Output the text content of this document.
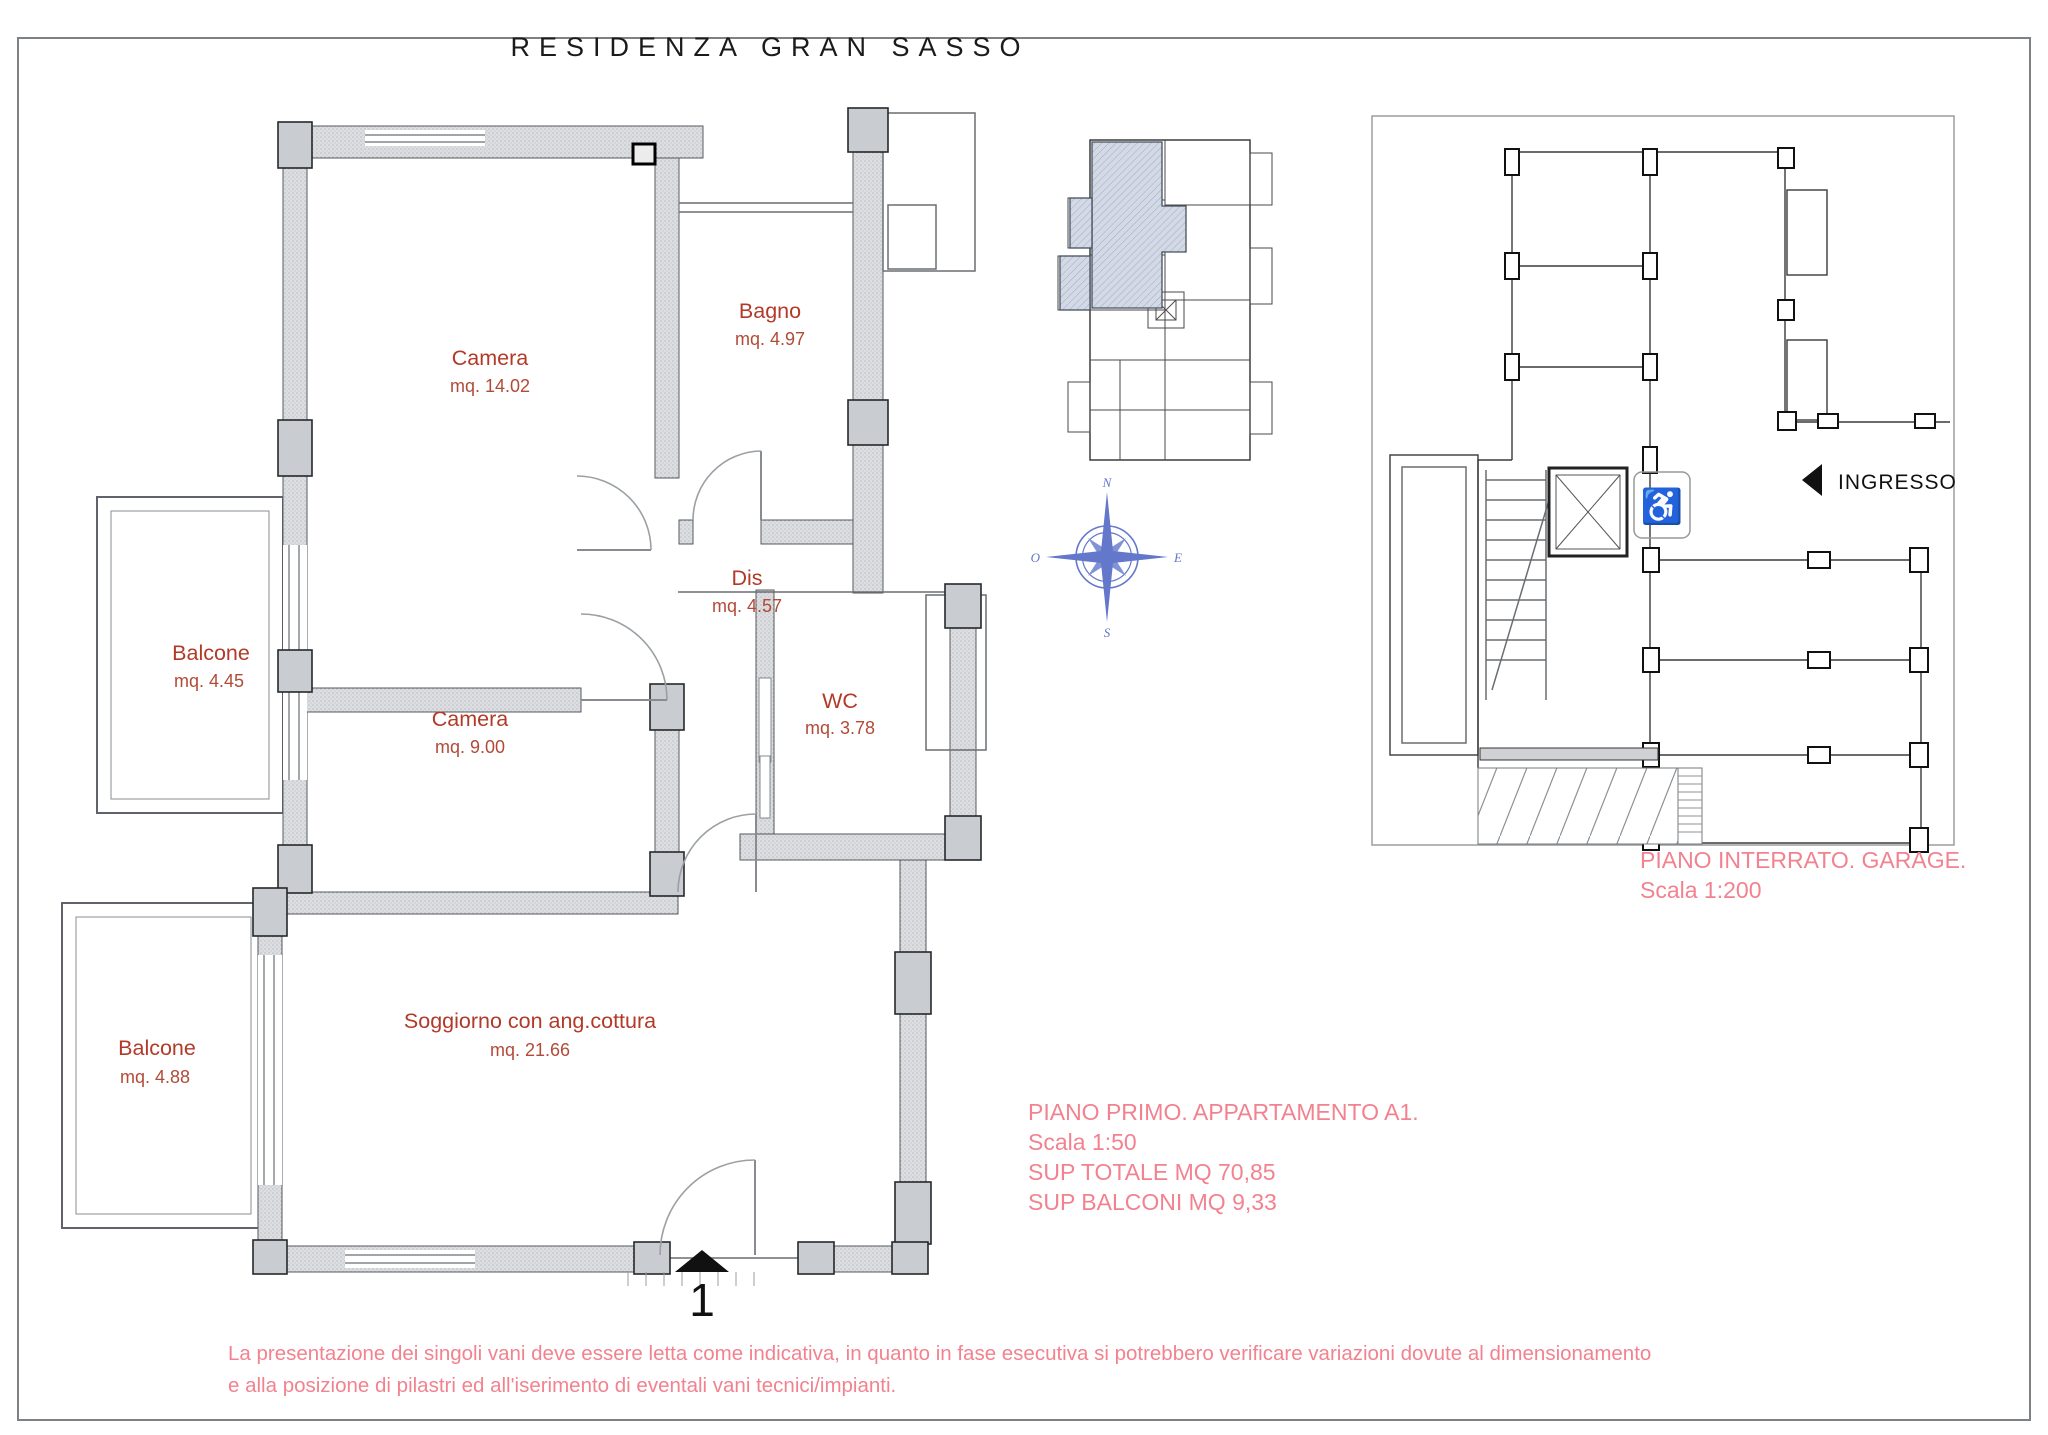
RESIDENZA GRAN SASSO
Camera
mq. 14.02
Bagno
mq. 4.97
Dis
mq. 4.57
Camera
mq. 9.00
WC
mq. 3.78
Balcone
mq. 4.45
Balcone
mq. 4.88
Soggiorno con ang.cottura
mq. 21.66
1
N
S
O	E
♿
INGRESSO
PIANO INTERRATO. GARAGE.
Scala 1:200
PIANO PRIMO. APPARTAMENTO A1.
Scala 1:50
SUP TOTALE MQ 70,85
SUP BALCONI MQ 9,33
La presentazione dei singoli vani deve essere letta come indicativa, in quanto in fase esecutiva si potrebbero verificare variazioni dovute al dimensionamento
e alla posizione di pilastri ed all'iserimento di eventali vani tecnici/impianti.
